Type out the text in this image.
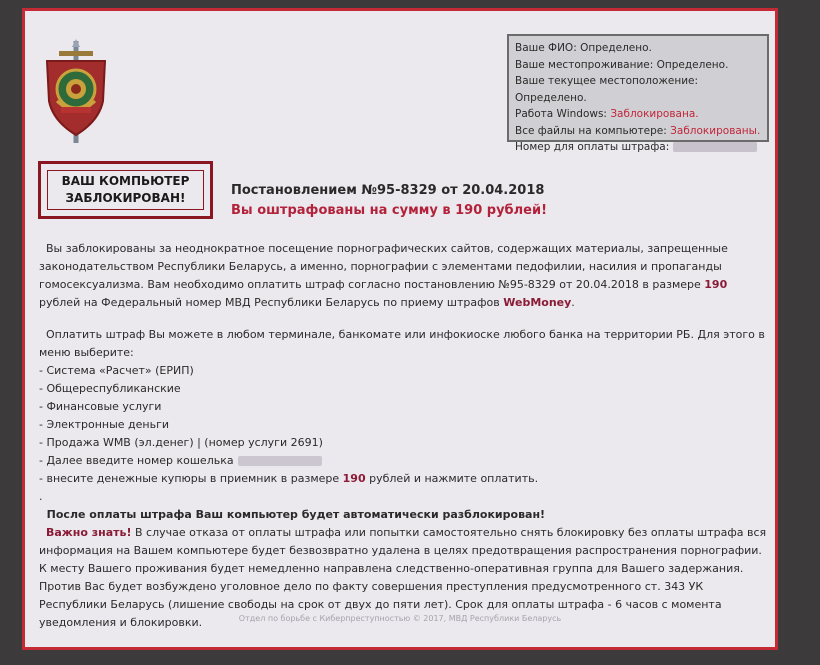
Ваше ФИО: Определено.
Ваше местопроживание: Определено.
Ваше текущее местоположение: Определено.
Работа Windows: Заблокирована.
Все файлы на компьютере: Заблокированы.
Номер для оплаты штрафа:
ВАШ КОМПЬЮТЕР
ЗАБЛОКИРОВАН!	Постановлением №95-8329 от 20.04.2018
Вы оштрафованы на сумму в 190 рублей!

Вы заблокированы за неоднократное посещение порнографических сайтов, содержащих материалы, запрещенные законодательством Республики Беларусь, а именно, порнографии с элементами педофилии, насилия и пропаганды гомосексуализма. Вам необходимо оплатить штраф согласно постановлению №95-8329 от 20.04.2018 в размере 190 рублей на Федеральный номер МВД Республики Беларусь по приему штрафов WebMoney.

Оплатить штраф Вы можете в любом терминале, банкомате или инфокиоске любого банка на территории РБ. Для этого в меню выберите:

- Система «Расчет» (ЕРИП)

- Общереспубликанские

- Финансовые услуги

- Электронные деньги

- Продажа WMB (эл.денег) | (номер услуги 2691)

- Далее введите номер кошелька

- внесите денежные купюры в приемник в размере 190 рублей и нажмите оплатить.

.

После оплаты штрафа Ваш компьютер будет автоматически разблокирован!

Важно знать! В случае отказа от оплаты штрафа или попытки самостоятельно снять блокировку без оплаты штрафа вся информация на Вашем компьютере будет безвозвратно удалена в целях предотвращения распространения порнографии. К месту Вашего проживания будет немедленно направлена следственно-оперативная группа для Вашего задержания. Против Вас будет возбуждено уголовное дело по факту совершения преступления предусмотренного ст. 343 УК Республики Беларусь (лишение свободы на срок от двух до пяти лет). Срок для оплаты штрафа - 6 часов с момента уведомления и блокировки.	Отдел по борьбе с Киберпреступностью © 2017, МВД Республики Беларусь
